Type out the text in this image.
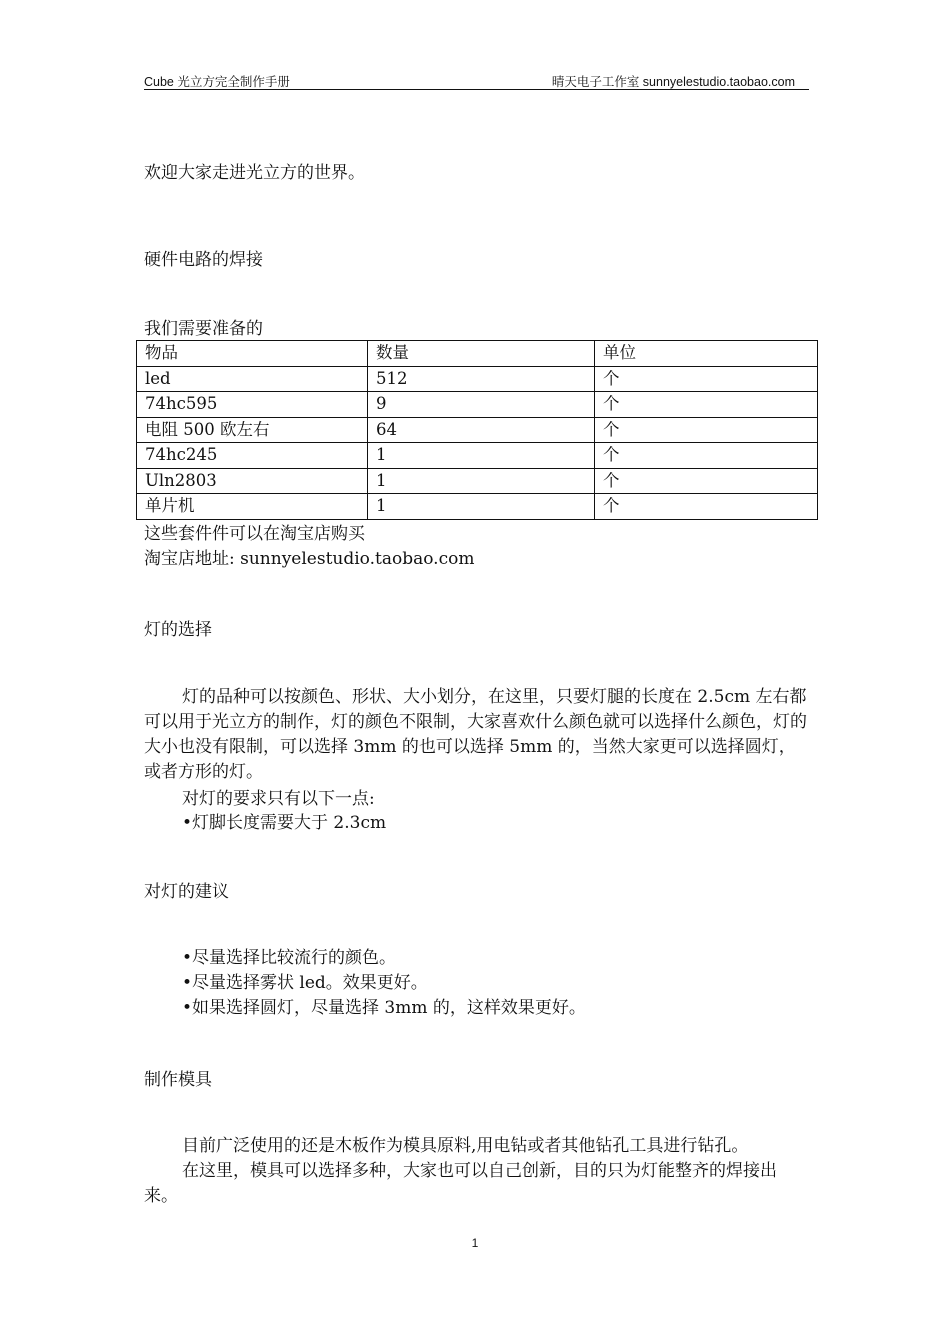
Cube 光立方完全制作手册	晴天电子工作室 sunnyelestudio.taobao.com
欢迎大家走进光立方的世界。
硬件电路的焊接
我们需要准备的
物品	数量	单位
led	512	个
74hc595	9	个
电阻 500 欧左右	64	个
74hc245	1	个
Uln2803	1	个
单片机	1	个
这些套件件可以在淘宝店购买
淘宝店地址: sunnyelestudio.taobao.com
灯的选择
灯的品种可以按颜色、形状、大小划分，在这里，只要灯腿的长度在 2.5cm 左右都可以用于光立方的制作，灯的颜色不限制，大家喜欢什么颜色就可以选择什么颜色，灯的大小也没有限制，可以选择 3mm 的也可以选择 5mm 的，当然大家更可以选择圆灯，或者方形的灯。
对灯的要求只有以下一点:
•灯脚长度需要大于 2.3cm
对灯的建议
•尽量选择比较流行的颜色。
•尽量选择雾状 led。效果更好。
•如果选择圆灯，尽量选择 3mm 的，这样效果更好。
制作模具
目前广泛使用的还是木板作为模具原料,用电钻或者其他钻孔工具进行钻孔。
在这里，模具可以选择多种，大家也可以自己创新，目的只为灯能整齐的焊接出来。
1
